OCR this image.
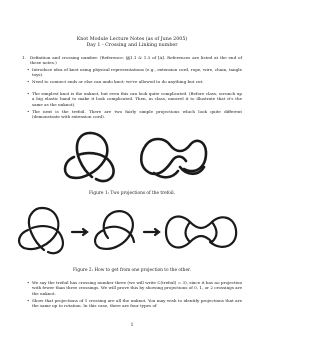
Knot Module Lecture Notes (as of June 2005)
Day 1 - Crossing and Linking number
1. Definition and crossing number. (Reference: §§1.1 & 1.3 of [A]. References are listed at the end of these notes.)
• Introduce idea of knot using physical representations (e.g., extension cord, rope, wire, chain, tangle toys).
• Need to connect ends or else can undo knot: we're allowed to do anything but cut.
• The simplest knot is the unknot, but even this can look quite complicated. (Before class, scrunch up a big elastic band to make it look complicated. Then, in class, unravel it to illustrate that it's the same as the unknot).
• The next is the trefoil. There are two fairly simple projections which look quite different (demonstrate with extension cord).
Figure 1: Two projections of the trefoil.
Figure 2: How to get from one projection to the other.
• We say the trefoil has crossing number three (we will write C(trefoil) = 3), since it has no projection with fewer than three crossings. We will prove this by showing projections of 0, 1, or 2 crossings are the unknot.
• Show that projections of 1 crossing are all the unknot. You may wish to identify projections that are the same up to rotation. In this case, there are four types of
1
